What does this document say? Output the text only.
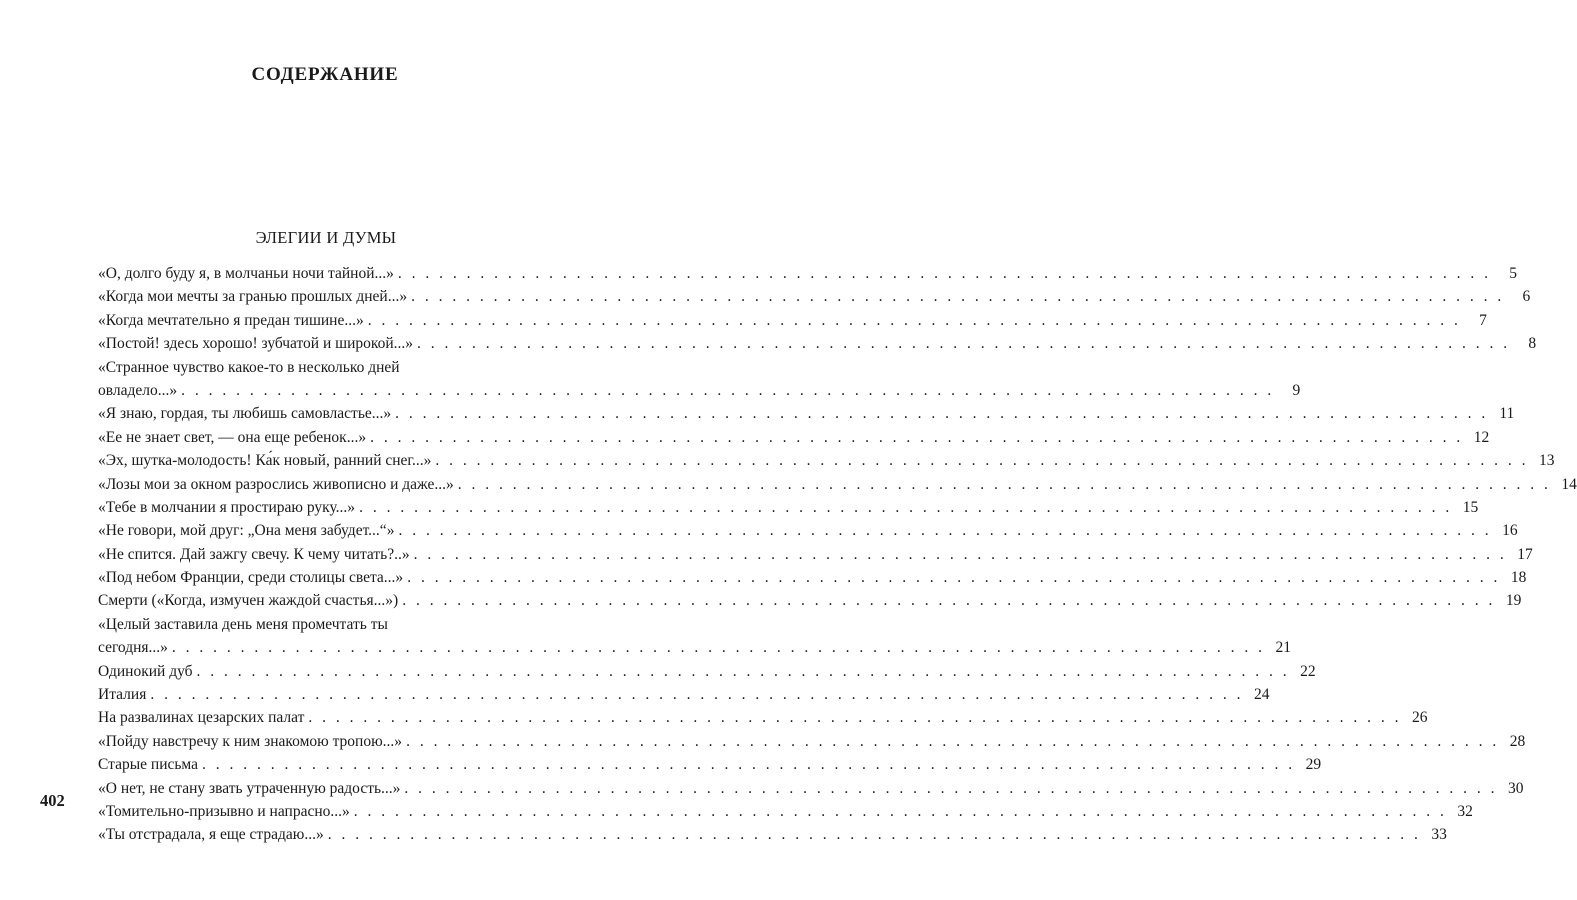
СОДЕРЖАНИЕ
ЭЛЕГИИ И ДУМЫ
«О, долго буду я, в молчаньи ночи тайной...» . . . . . . . . . . . . . . . . . . . . . . . . . . . . . . . . . . . . . . . . . . . . . . . . . . . . . . . . . . . . . . . . . . . . . . . . . . . . . . . .	5
«Когда мои мечты за гранью прошлых дней...» . . . . . . . . . . . . . . . . . . . . . . . . . . . . . . . . . . . . . . . . . . . . . . . . . . . . . . . . . . . . . . . . . . . . . . . . . . . . . . . .	6
«Когда мечтательно я предан тишине...» . . . . . . . . . . . . . . . . . . . . . . . . . . . . . . . . . . . . . . . . . . . . . . . . . . . . . . . . . . . . . . . . . . . . . . . . . . . . . . . .	7
«Постой! здесь хорошо! зубчатой и широкой...» . . . . . . . . . . . . . . . . . . . . . . . . . . . . . . . . . . . . . . . . . . . . . . . . . . . . . . . . . . . . . . . . . . . . . . . . . . . . . . . .	8
«Странное чувство какое-то в несколько дней
овладело...» . . . . . . . . . . . . . . . . . . . . . . . . . . . . . . . . . . . . . . . . . . . . . . . . . . . . . . . . . . . . . . . . . . . . . . . . . . . . . . . .	9
«Я знаю, гордая, ты любишь самовластье...» . . . . . . . . . . . . . . . . . . . . . . . . . . . . . . . . . . . . . . . . . . . . . . . . . . . . . . . . . . . . . . . . . . . . . . . . . . . . . . . . 11
«Ее не знает свет, — она еще ребенок...» . . . . . . . . . . . . . . . . . . . . . . . . . . . . . . . . . . . . . . . . . . . . . . . . . . . . . . . . . . . . . . . . . . . . . . . . . . . . . . . . 12
«Эх, шутка-молодость! Ка́к новый, ранний снег...» . . . . . . . . . . . . . . . . . . . . . . . . . . . . . . . . . . . . . . . . . . . . . . . . . . . . . . . . . . . . . . . . . . . . . . . . . . . . . . . . 13
«Лозы мои за окном разрослись живописно и даже...» . . . . . . . . . . . . . . . . . . . . . . . . . . . . . . . . . . . . . . . . . . . . . . . . . . . . . . . . . . . . . . . . . . . . . . . . . . . . . . . . 14
«Тебе в молчании я простираю руку...» . . . . . . . . . . . . . . . . . . . . . . . . . . . . . . . . . . . . . . . . . . . . . . . . . . . . . . . . . . . . . . . . . . . . . . . . . . . . . . . . 15
«Не говори, мой друг: „Она меня забудет...“» . . . . . . . . . . . . . . . . . . . . . . . . . . . . . . . . . . . . . . . . . . . . . . . . . . . . . . . . . . . . . . . . . . . . . . . . . . . . . . . . 16
«Не спится. Дай зажгу свечу. К чему читать?..» . . . . . . . . . . . . . . . . . . . . . . . . . . . . . . . . . . . . . . . . . . . . . . . . . . . . . . . . . . . . . . . . . . . . . . . . . . . . . . . . 17
«Под небом Франции, среди столицы света...» . . . . . . . . . . . . . . . . . . . . . . . . . . . . . . . . . . . . . . . . . . . . . . . . . . . . . . . . . . . . . . . . . . . . . . . . . . . . . . . . 18
Смерти («Когда, измучен жаждой счастья...») . . . . . . . . . . . . . . . . . . . . . . . . . . . . . . . . . . . . . . . . . . . . . . . . . . . . . . . . . . . . . . . . . . . . . . . . . . . . . . . . 19
«Целый заставила день меня промечтать ты
сегодня...» . . . . . . . . . . . . . . . . . . . . . . . . . . . . . . . . . . . . . . . . . . . . . . . . . . . . . . . . . . . . . . . . . . . . . . . . . . . . . . . . 21
Одинокий дуб . . . . . . . . . . . . . . . . . . . . . . . . . . . . . . . . . . . . . . . . . . . . . . . . . . . . . . . . . . . . . . . . . . . . . . . . . . . . . . . . 22
Италия . . . . . . . . . . . . . . . . . . . . . . . . . . . . . . . . . . . . . . . . . . . . . . . . . . . . . . . . . . . . . . . . . . . . . . . . . . . . . . . . 24
На развалинах цезарских палат . . . . . . . . . . . . . . . . . . . . . . . . . . . . . . . . . . . . . . . . . . . . . . . . . . . . . . . . . . . . . . . . . . . . . . . . . . . . . . . . 26
«Пойду навстречу к ним знакомою тропою...» . . . . . . . . . . . . . . . . . . . . . . . . . . . . . . . . . . . . . . . . . . . . . . . . . . . . . . . . . . . . . . . . . . . . . . . . . . . . . . . . 28
Старые письма . . . . . . . . . . . . . . . . . . . . . . . . . . . . . . . . . . . . . . . . . . . . . . . . . . . . . . . . . . . . . . . . . . . . . . . . . . . . . . . . 29
«О нет, не стану звать утраченную радость...» . . . . . . . . . . . . . . . . . . . . . . . . . . . . . . . . . . . . . . . . . . . . . . . . . . . . . . . . . . . . . . . . . . . . . . . . . . . . . . . . 30
«Томительно-призывно и напрасно...» . . . . . . . . . . . . . . . . . . . . . . . . . . . . . . . . . . . . . . . . . . . . . . . . . . . . . . . . . . . . . . . . . . . . . . . . . . . . . . . . 32
«Ты отстрадала, я еще страдаю...» . . . . . . . . . . . . . . . . . . . . . . . . . . . . . . . . . . . . . . . . . . . . . . . . . . . . . . . . . . . . . . . . . . . . . . . . . . . . . . . . 33
402
